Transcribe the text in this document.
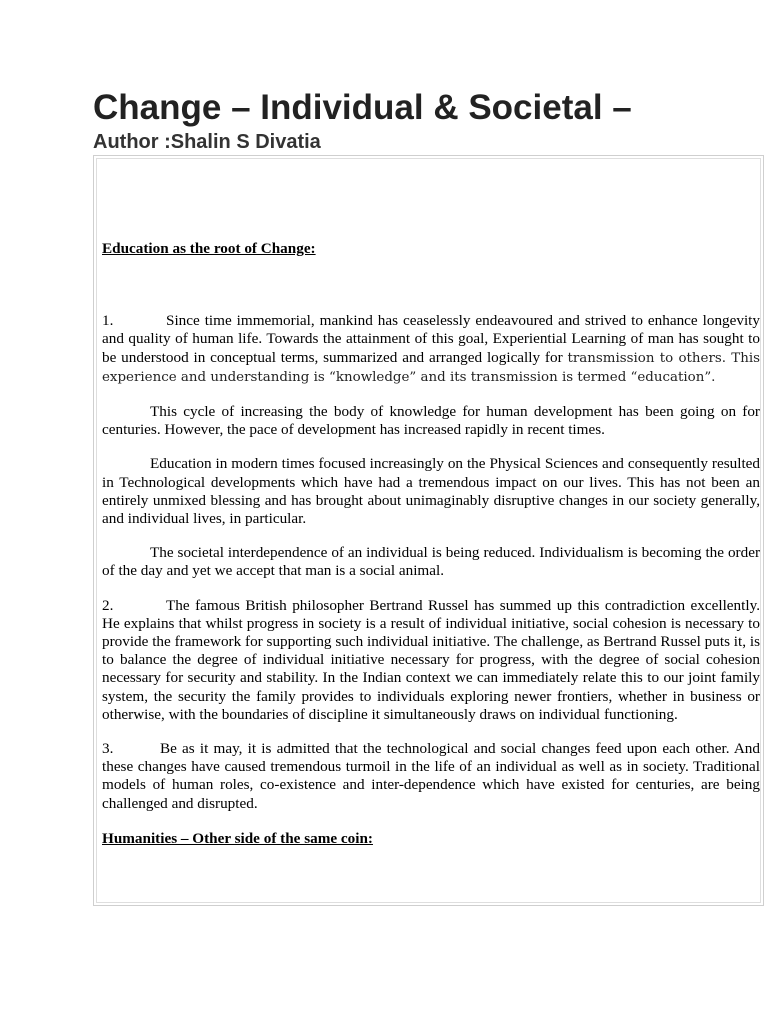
Change – Individual & Societal –
Author :Shalin S Divatia

Education as the root of Change:

1.	Since time immemorial, mankind has ceaselessly endeavoured and strived to enhance longevity and quality of human life. Towards the attainment of this goal, Experiential Learning of man has sought to be understood in conceptual terms, summarized and arranged logically for transmission to others. This experience and understanding is “knowledge” and its transmission is termed “education”.

This cycle of increasing the body of knowledge for human development has been going on for centuries. However, the pace of development has increased rapidly in recent times.

Education in modern times focused increasingly on the Physical Sciences and consequently resulted in Technological developments which have had a tremendous impact on our lives. This has not been an entirely unmixed blessing and has brought about unimaginably disruptive changes in our society generally, and individual lives, in particular.

The societal interdependence of an individual is being reduced. Individualism is becoming the order of the day and yet we accept that man is a social animal.

2.	The famous British philosopher Bertrand Russel has summed up this contradiction excellently. He explains that whilst progress in society is a result of individual initiative, social cohesion is necessary to provide the framework for supporting such individual initiative. The challenge, as Bertrand Russel puts it, is to balance the degree of individual initiative necessary for progress, with the degree of social cohesion necessary for security and stability. In the Indian context we can immediately relate this to our joint family system, the security the family provides to individuals exploring newer frontiers, whether in business or otherwise, with the boundaries of discipline it simultaneously draws on individual functioning.

3.	Be as it may, it is admitted that the technological and social changes feed upon each other. And these changes have caused tremendous turmoil in the life of an individual as well as in society. Traditional models of human roles, co-existence and inter-dependence which have existed for centuries, are being challenged and disrupted.

Humanities – Other side of the same coin:
